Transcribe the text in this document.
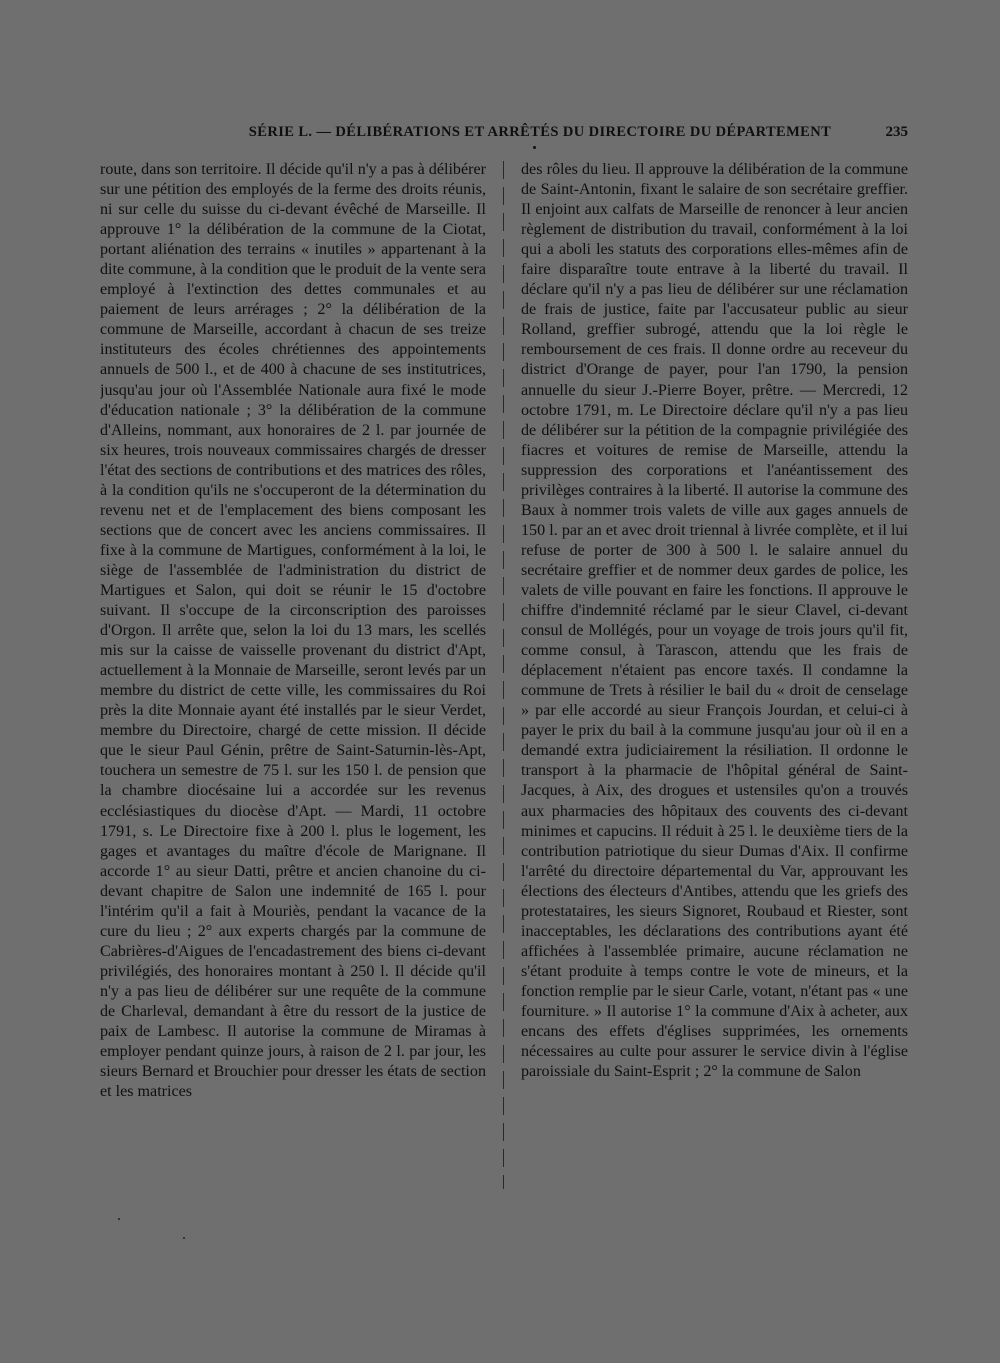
SÉRIE L. — DÉLIBÉRATIONS ET ARRÊTÉS DU DIRECTOIRE DU DÉPARTEMENT	235
route, dans son territoire. Il décide qu'il n'y a pas à délibérer sur une pétition des employés de la ferme des droits réunis, ni sur celle du suisse du ci-devant évêché de Marseille. Il approuve 1° la délibération de la commune de la Ciotat, portant aliénation des terrains « inutiles » appartenant à la dite commune, à la condition que le produit de la vente sera employé à l'extinction des dettes communales et au paiement de leurs arrérages ; 2° la délibération de la commune de Marseille, accordant à chacun de ses treize instituteurs des écoles chrétiennes des appointements annuels de 500 l., et de 400 à chacune de ses institutrices, jusqu'au jour où l'Assemblée Nationale aura fixé le mode d'éducation nationale ; 3° la délibération de la commune d'Alleins, nommant, aux honoraires de 2 l. par journée de six heures, trois nouveaux commissaires chargés de dresser l'état des sections de contributions et des matrices des rôles, à la condition qu'ils ne s'occuperont de la détermination du revenu net et de l'emplacement des biens composant les sections que de concert avec les anciens commissaires. Il fixe à la commune de Martigues, conformément à la loi, le siège de l'assemblée de l'administration du district de Martigues et Salon, qui doit se réunir le 15 d'octobre suivant. Il s'occupe de la circonscription des paroisses d'Orgon. Il arrête que, selon la loi du 13 mars, les scellés mis sur la caisse de vaisselle provenant du district d'Apt, actuellement à la Monnaie de Marseille, seront levés par un membre du district de cette ville, les commissaires du Roi près la dite Monnaie ayant été installés par le sieur Verdet, membre du Directoire, chargé de cette mission. Il décide que le sieur Paul Génin, prêtre de Saint-Saturnin-lès-Apt, touchera un semestre de 75 l. sur les 150 l. de pension que la chambre diocésaine lui a accordée sur les revenus ecclésiastiques du diocèse d'Apt. — Mardi, 11 octobre 1791, s. Le Directoire fixe à 200 l. plus le logement, les gages et avantages du maître d'école de Marignane. Il accorde 1° au sieur Datti, prêtre et ancien chanoine du ci-devant chapitre de Salon une indemnité de 165 l. pour l'intérim qu'il a fait à Mouriès, pendant la vacance de la cure du lieu ; 2° aux experts chargés par la commune de Cabrières-d'Aigues de l'encadastrement des biens ci-devant privilégiés, des honoraires montant à 250 l. Il décide qu'il n'y a pas lieu de délibérer sur une requête de la commune de Charleval, demandant à être du ressort de la justice de paix de Lambesc. Il autorise la commune de Miramas à employer pendant quinze jours, à raison de 2 l. par jour, les sieurs Bernard et Brouchier pour dresser les états de section et les matrices
des rôles du lieu. Il approuve la délibération de la commune de Saint-Antonin, fixant le salaire de son secrétaire greffier. Il enjoint aux calfats de Marseille de renoncer à leur ancien règlement de distribution du travail, conformément à la loi qui a aboli les statuts des corporations elles-mêmes afin de faire disparaître toute entrave à la liberté du travail. Il déclare qu'il n'y a pas lieu de délibérer sur une réclamation de frais de justice, faite par l'accusateur public au sieur Rolland, greffier subrogé, attendu que la loi règle le remboursement de ces frais. Il donne ordre au receveur du district d'Orange de payer, pour l'an 1790, la pension annuelle du sieur J.-Pierre Boyer, prêtre. — Mercredi, 12 octobre 1791, m. Le Directoire déclare qu'il n'y a pas lieu de délibérer sur la pétition de la compagnie privilégiée des fiacres et voitures de remise de Marseille, attendu la suppression des corporations et l'anéantissement des privilèges contraires à la liberté. Il autorise la commune des Baux à nommer trois valets de ville aux gages annuels de 150 l. par an et avec droit triennal à livrée complète, et il lui refuse de porter de 300 à 500 l. le salaire annuel du secrétaire greffier et de nommer deux gardes de police, les valets de ville pouvant en faire les fonctions. Il approuve le chiffre d'indemnité réclamé par le sieur Clavel, ci-devant consul de Mollégés, pour un voyage de trois jours qu'il fit, comme consul, à Tarascon, attendu que les frais de déplacement n'étaient pas encore taxés. Il condamne la commune de Trets à résilier le bail du « droit de censelage » par elle accordé au sieur François Jourdan, et celui-ci à payer le prix du bail à la commune jusqu'au jour où il en a demandé extra judiciairement la résiliation. Il ordonne le transport à la pharmacie de l'hôpital général de Saint-Jacques, à Aix, des drogues et ustensiles qu'on a trouvés aux pharmacies des hôpitaux des couvents des ci-devant minimes et capucins. Il réduit à 25 l. le deuxième tiers de la contribution patriotique du sieur Dumas d'Aix. Il confirme l'arrêté du directoire départemental du Var, approuvant les élections des électeurs d'Antibes, attendu que les griefs des protestataires, les sieurs Signoret, Roubaud et Riester, sont inacceptables, les déclarations des contributions ayant été affichées à l'assemblée primaire, aucune réclamation ne s'étant produite à temps contre le vote de mineurs, et la fonction remplie par le sieur Carle, votant, n'étant pas « une fourniture. » Il autorise 1° la commune d'Aix à acheter, aux encans des effets d'églises supprimées, les ornements nécessaires au culte pour assurer le service divin à l'église paroissiale du Saint-Esprit ; 2° la commune de Salon
